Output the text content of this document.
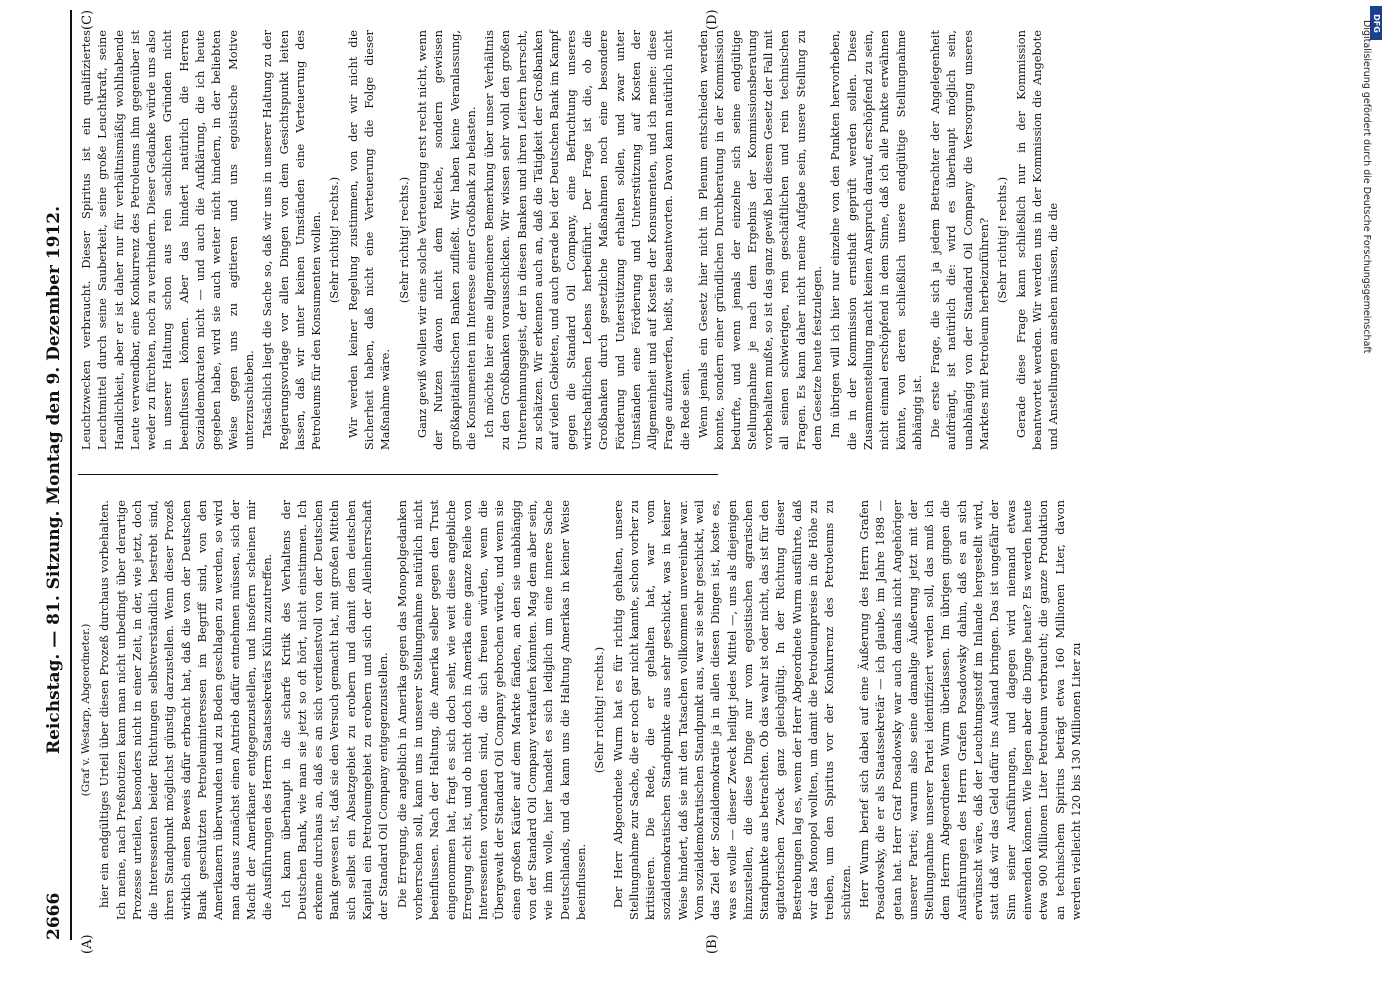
DFG
Digitalisierung gefördert durch die Deutsche Forschungsgemeinschaft
2666
Reichstag. — 81. Sitzung. Montag den 9. Dezember 1912.
(A)	(B)
(C)	(D)

(Graf v. Westarp, Abgeordneter.) hier ein endgültiges Urteil über diesen Prozeß durchaus vorbehalten. Ich meine, nach Preßnotizen kann man nicht unbedingt über derartige Prozesse urteilen, besonders nicht in einer Zeit, in der, wie jetzt, doch die Interessenten beider Richtungen selbstverständlich bestrebt sind, ihren Standpunkt möglichst günstig darzustellen. Wenn dieser Prozeß wirklich einen Beweis dafür erbracht hat, daß die von der Deutschen Bank geschützten Petroleuminteressen im Begriff sind, von den Amerikanern überwunden und zu Boden geschlagen zu werden, so wird man daraus zunächst einen Antrieb dafür entnehmen müssen, sich der Macht der Amerikaner entgegenzustellen, und insofern scheinen mir die Ausführungen des Herrn Staatssekretärs Kühn zuzutreffen. Ich kann überhaupt in die scharfe Kritik des Verhaltens der Deutschen Bank, wie man sie jetzt so oft hört, nicht einstimmen. Ich erkenne durchaus an, daß es an sich verdienstvoll von der Deutschen Bank gewesen ist, daß sie den Versuch gemacht hat, mit großen Mitteln sich selbst ein Absatzgebiet zu erobern und damit dem deutschen Kapital ein Petroleumgebiet zu erobern und sich der Alleinherrschaft der Standard Oil Company entgegenzustellen. Die Erregung, die angeblich in Amerika gegen das Monopolgedanken vorherrschen soll, kann uns in unserer Stellungnahme natürlich nicht beeinflussen. Nach der Haltung, die Amerika selber gegen den Trust eingenommen hat, fragt es sich doch sehr, wie weit diese angebliche Erregung echt ist, und ob nicht doch in Amerika eine ganze Reihe von Interessenten vorhanden sind, die sich freuen würden, wenn die Übergewalt der Standard Oil Company gebrochen würde, und wenn sie einen großen Käufer auf dem Markte fänden, an den sie unabhängig von der Standard Oil Company verkaufen könnten. Mag dem aber sein, wie ihm wolle, hier handelt es sich lediglich um eine innere Sache Deutschlands, und da kann uns die Haltung Amerikas in keiner Weise beeinflussen.

(Sehr richtig! rechts.) Der Herr Abgeordnete Wurm hat es für richtig gehalten, unsere Stellungnahme zur Sache, die er noch gar nicht kannte, schon vorher zu kritisieren. Die Rede, die er gehalten hat, war vom sozialdemokratischen Standpunkte aus sehr geschickt, was in keiner Weise hindert, daß sie mit den Tatsachen vollkommen unvereinbar war. Vom sozialdemokratischen Standpunkt aus, war sie sehr geschickt, weil das Ziel der Sozialdemokratie ja in allen diesen Dingen ist, koste es, was es wolle — dieser Zweck heiligt jedes Mittel —, uns als diejenigen hinzustellen, die diese Dinge nur vom egoistischen agrarischen Standpunkte aus betrachten. Ob das wahr ist oder nicht, das ist für den agitatorischen Zweck ganz gleichgültig. In der Richtung dieser Bestrebungen lag es, wenn der Herr Abgeordnete Wurm ausführte, daß wir das Monopol wollten, um damit die Petroleumpreise in die Höhe zu treiben, um den Spiritus vor der Konkurrenz des Petroleums zu schützen. Herr Wurm berief sich dabei auf eine Äußerung des Herrn Grafen Posadowsky, die er als Staatssekretär — ich glaube, im Jahre 1898 — getan hat. Herr Graf Posadowsky war auch damals nicht Angehöriger unserer Partei; warum also seine damalige Äußerung jetzt mit der Stellungnahme unserer Partei identifiziert werden soll, das muß ich dem Herrn Abgeordneten Wurm überlassen. Im übrigen gingen die Ausführungen des Herrn Grafen Posadowsky dahin, daß es an sich erwünscht wäre, daß der Leuchtungsstoff im Inlande hergestellt wird, statt daß wir das Geld dafür ins Ausland bringen. Das ist ungefähr der Sinn seiner Ausführungen, und dagegen wird niemand etwas einwenden können. Wie liegen aber die Dinge heute? Es werden heute etwa 900 Millionen Liter Petroleum verbraucht; die ganze Produktion an technischem Spiritus beträgt etwa 160 Millionen Liter, davon werden vielleicht 120 bis 130 Millionen Liter zu

Leuchtzwecken verbraucht. Dieser Spiritus ist ein qualifiziertes Leuchtmittel durch seine Sauberkeit, seine große Leuchtkraft, seine Handlichkeit, aber er ist daher nur für verhältnismäßig wohlhabende Leute verwendbar, eine Konkurrenz des Petroleums ihm gegenüber ist weder zu fürchten, noch zu verhindern. Dieser Gedanke würde uns also in unserer Haltung schon aus rein sachlichen Gründen nicht beeinflussen können. Aber das hindert natürlich die Herren Sozialdemokraten nicht — und auch die Aufklärung, die ich heute gegeben habe, wird sie auch weiter nicht hindern, in der beliebten Weise gegen uns zu agitieren und uns egoistische Motive unterzuschieben. Tatsächlich liegt die Sache so, daß wir uns in unserer Haltung zu der Regierungsvorlage vor allen Dingen von dem Gesichtspunkt leiten lassen, daß wir unter keinen Umständen eine Verteuerung des Petroleums für den Konsumenten wollen. (Sehr richtig! rechts.) Wir werden keiner Regelung zustimmen, von der wir nicht die Sicherheit haben, daß nicht eine Verteuerung die Folge dieser Maßnahme wäre.

(Sehr richtig! rechts.) Ganz gewiß wollen wir eine solche Verteuerung erst recht nicht, wenn der Nutzen davon nicht dem Reiche, sondern gewissen großkapitalistischen Banken zufließt. Wir haben keine Veranlassung, die Konsumenten im Interesse einer Großbank zu belasten. Ich möchte hier eine allgemeinere Bemerkung über unser Verhältnis zu den Großbanken vorausschicken. Wir wissen sehr wohl den großen Unternehmungsgeist, der in diesen Banken und ihren Leitern herrscht, zu schätzen. Wir erkennen auch an, daß die Tätigkeit der Großbanken auf vielen Gebieten, und auch gerade bei der Deutschen Bank im Kampf gegen die Standard Oil Company, eine Befruchtung unseres wirtschaftlichen Lebens herbeiführt. Der Frage ist die, ob die Großbanken durch gesetzliche Maßnahmen noch eine besondere Förderung und Unterstützung erhalten sollen, und zwar unter Umständen eine Förderung und Unterstützung auf Kosten der Allgemeinheit und auf Kosten der Konsumenten, und ich meine: diese Frage aufzuwerfen, heißt, sie beantworten. Davon kann natürlich nicht die Rede sein. Wenn jemals ein Gesetz hier nicht im Plenum entschieden werden konnte, sondern einer gründlichen Durchberatung in der Kommission bedurfte, und wenn jemals der einzelne sich seine endgültige Stellungnahme je nach dem Ergebnis der Kommissionsberatung vorbehalten mußte, so ist das ganz gewiß bei diesem Gesetz der Fall mit all seinen schwierigen, rein geschäftlichen und rein technischen Fragen. Es kann daher nicht meine Aufgabe sein, unsere Stellung zu dem Gesetze heute festzulegen. Im übrigen will ich hier nur einzelne von den Punkten hervorheben, die in der Kommission ernsthaft geprüft werden sollen. Diese Zusammenstellung macht keinen Anspruch darauf, erschöpfend zu sein, nicht einmal erschöpfend in dem Sinne, daß ich alle Punkte erwähnen könnte, von deren schließlich unsere endgültige Stellungnahme abhängig ist. Die erste Frage, die sich ja jedem Betrachter der Angelegenheit aufdrängt, ist natürlich die: wird es überhaupt möglich sein, unabhängig von der Standard Oil Company die Versorgung unseres Marktes mit Petroleum herbeizuführen? (Sehr richtig! rechts.) Gerade diese Frage kann schließlich nur in der Kommission beantwortet werden. Wir werden uns in der Kommission die Angebote und Anstellungen ansehen müssen, die die
